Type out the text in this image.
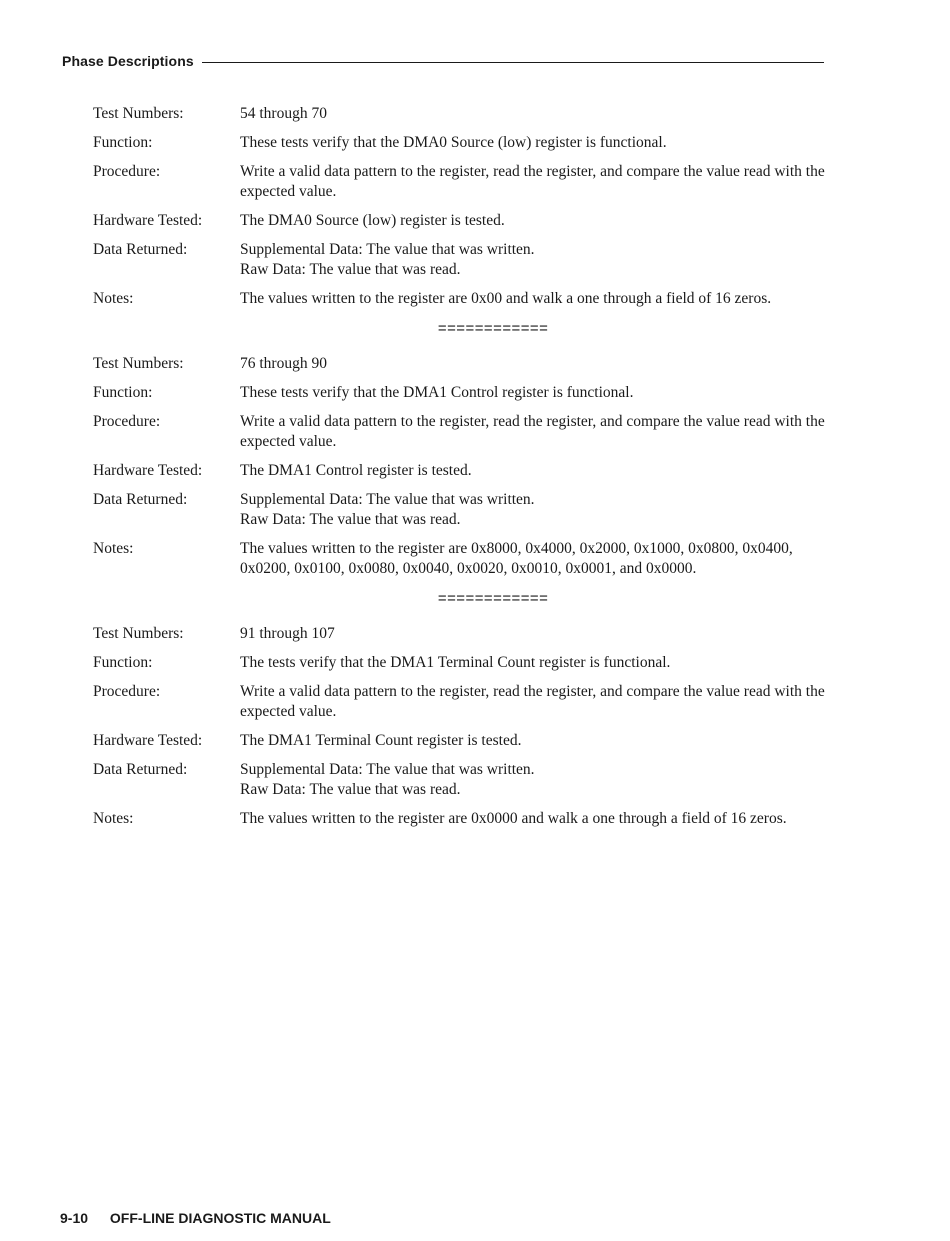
Phase Descriptions
Test Numbers:	54 through 70
Function:	These tests verify that the DMA0 Source (low) register is functional.
Procedure:	Write a valid data pattern to the register, read the register, and compare the value read with the expected value.
Hardware Tested:	The DMA0 Source (low) register is tested.
Data Returned:	Supplemental Data: The value that was written.
Raw Data: The value that was read.
Notes:	The values written to the register are 0x00 and walk a one through a field of 16 zeros.
============
Test Numbers:	76 through 90
Function:	These tests verify that the DMA1 Control register is functional.
Procedure:	Write a valid data pattern to the register, read the register, and compare the value read with the expected value.
Hardware Tested:	The DMA1 Control register is tested.
Data Returned:	Supplemental Data: The value that was written.
Raw Data: The value that was read.
Notes:	The values written to the register are 0x8000, 0x4000, 0x2000, 0x1000, 0x0800, 0x0400, 0x0200, 0x0100, 0x0080, 0x0040, 0x0020, 0x0010, 0x0001, and 0x0000.
============
Test Numbers:	91 through 107
Function:	The tests verify that the DMA1 Terminal Count register is functional.
Procedure:	Write a valid data pattern to the register, read the register, and compare the value read with the expected value.
Hardware Tested:	The DMA1 Terminal Count register is tested.
Data Returned:	Supplemental Data: The value that was written.
Raw Data: The value that was read.
Notes:	The values written to the register are 0x0000 and walk a one through a field of 16 zeros.
9-10 OFF-LINE DIAGNOSTIC MANUAL
